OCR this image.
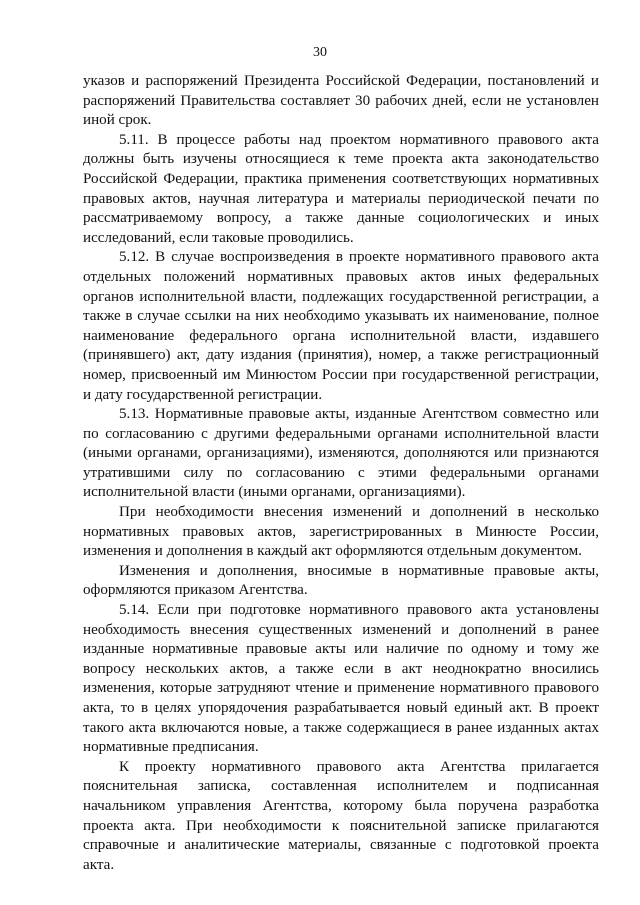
30

указов и распоряжений Президента Российской Федерации, постановлений и распоряжений Правительства составляет 30 рабочих дней, если не установлен иной срок.

5.11. В процессе работы над проектом нормативного правового акта должны быть изучены относящиеся к теме проекта акта законодательство Российской Федерации, практика применения соответствующих нормативных правовых актов, научная литература и материалы периодической печати по рассматриваемому вопросу, а также данные социологических и иных исследований, если таковые проводились.

5.12. В случае воспроизведения в проекте нормативного правового акта отдельных положений нормативных правовых актов иных федеральных органов исполнительной власти, подлежащих государственной регистрации, а также в случае ссылки на них необходимо указывать их наименование, полное наименование федерального органа исполнительной власти, издавшего (принявшего) акт, дату издания (принятия), номер, а также регистрационный номер, присвоенный им Минюстом России при государственной регистрации, и дату государственной регистрации.

5.13. Нормативные правовые акты, изданные Агентством совместно или по согласованию с другими федеральными органами исполнительной власти (иными органами, организациями), изменяются, дополняются или признаются утратившими силу по согласованию с этими федеральными органами исполнительной власти (иными органами, организациями).

При необходимости внесения изменений и дополнений в несколько нормативных правовых актов, зарегистрированных в Минюсте России, изменения и дополнения в каждый акт оформляются отдельным документом.

Изменения и дополнения, вносимые в нормативные правовые акты, оформляются приказом Агентства.

5.14. Если при подготовке нормативного правового акта установлены необходимость внесения существенных изменений и дополнений в ранее изданные нормативные правовые акты или наличие по одному и тому же вопросу нескольких актов, а также если в акт неоднократно вносились изменения, которые затрудняют чтение и применение нормативного правового акта, то в целях упорядочения разрабатывается новый единый акт. В проект такого акта включаются новые, а также содержащиеся в ранее изданных актах нормативные предписания.

К проекту нормативного правового акта Агентства прилагается пояснительная записка, составленная исполнителем и подписанная начальником управления Агентства, которому была поручена разработка проекта акта. При необходимости к пояснительной записке прилагаются справочные и аналитические материалы, связанные с подготовкой проекта акта.
